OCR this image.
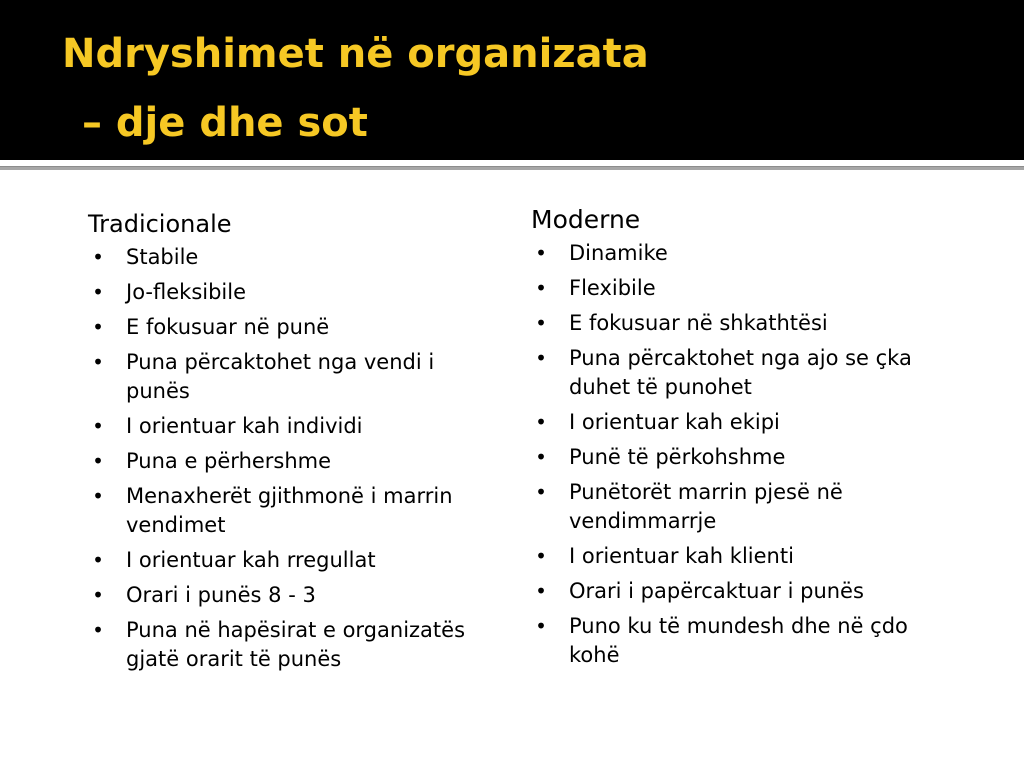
Ndryshimet në organizata
– dje dhe sot
Tradicionale
• Stabile
• Jo-fleksibile
• E fokusuar në punë
• Puna përcaktohet nga vendi i punës
• I orientuar kah individi
• Puna e përhershme
• Menaxherët gjithmonë i marrin vendimet
• I orientuar kah rregullat
• Orari i punës 8 - 3
• Puna në hapësirat e organizatës gjatë orarit të punës
Moderne
• Dinamike
• Flexibile
• E fokusuar në shkathtësi
• Puna përcaktohet nga ajo se çka duhet të punohet
• I orientuar kah ekipi
• Punë të përkohshme
• Punëtorët marrin pjesë në vendimmarrje
• I orientuar kah klienti
• Orari i papërcaktuar i punës
• Puno ku të mundesh dhe në çdo kohë
